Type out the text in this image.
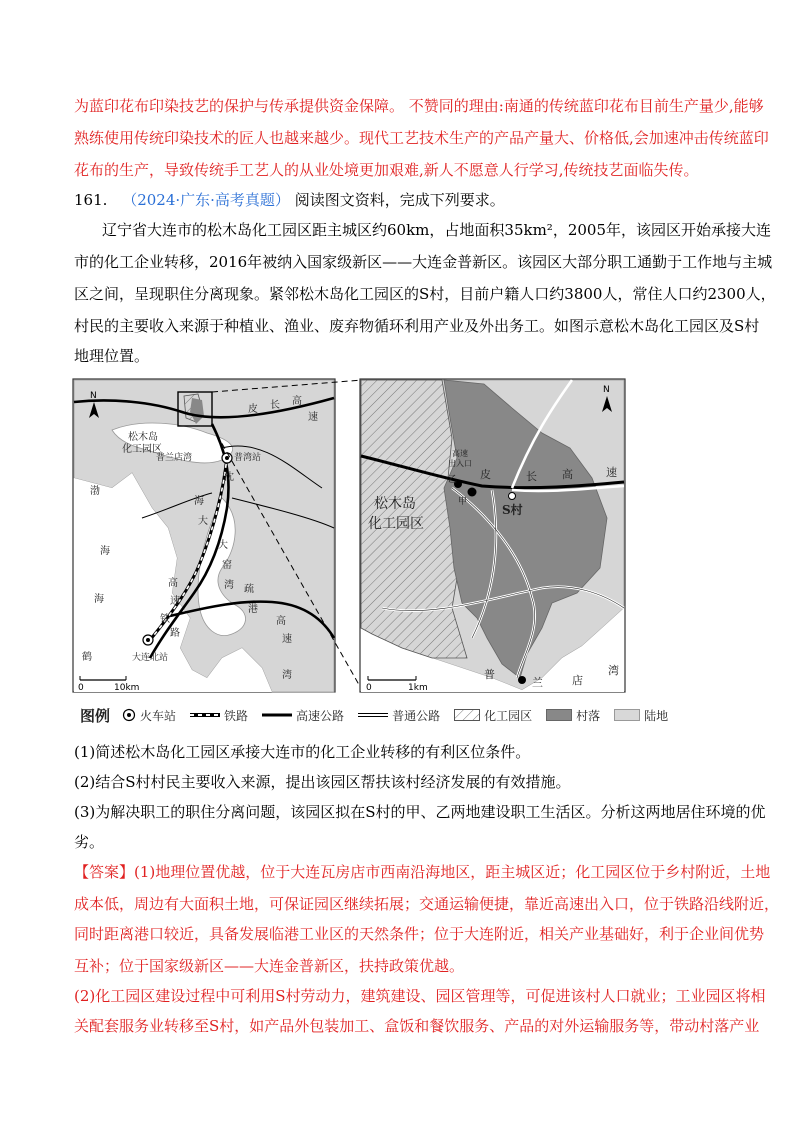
为蓝印花布印染技艺的保护与传承提供资金保障。 不赞同的理由:南通的传统蓝印花布目前生产量少,能够
熟练使用传统印染技术的匠人也越来越少。现代工艺技术生产的产品产量大、价格低,会加速冲击传统蓝印
花布的生产，导致传统手工艺人的从业处境更加艰难,新人不愿意人行学习,传统技艺面临失传。
161. （2024·广东·高考真题） 阅读图文资料，完成下列要求。
辽宁省大连市的松木岛化工园区距主城区约60km，占地面积35km²，2005年，该园区开始承接大连
市的化工企业转移，2016年被纳入国家级新区——大连金普新区。该园区大部分职工通勤于工作地与主城
区之间，呈现职住分离现象。紧邻松木岛化工园区的S村，目前户籍人口约3800人，常住人口约2300人，
村民的主要收入来源于种植业、渔业、废弃物循环利用产业及外出务工。如图示意松木岛化工园区及S村
地理位置。
N
0	10km
松木岛
化工园区
普兰店湾	普湾站
皮 长 高
速
渤
海
海
大
窑
湾 疏
港
高
速
沈
海
大
高
速
铁
路
大连北站
湾
鹤
N
0	1km
松木岛
化工园区
高速
出入口
乙
甲
S村
皮	长 高	速
普
兰	店
湾
图例	火车站	铁路	高速公路	普通公路	化工园区	村落	陆地
(1)简述松木岛化工园区承接大连市的化工企业转移的有利区位条件。
(2)结合S村村民主要收入来源，提出该园区帮扶该村经济发展的有效措施。
(3)为解决职工的职住分离问题，该园区拟在S村的甲、乙两地建设职工生活区。分析这两地居住环境的优
劣。
【答案】(1)地理位置优越，位于大连瓦房店市西南沿海地区，距主城区近；化工园区位于乡村附近，土地
成本低，周边有大面积土地，可保证园区继续拓展；交通运输便捷，靠近高速出入口，位于铁路沿线附近，
同时距离港口较近，具备发展临港工业区的天然条件；位于大连附近，相关产业基础好，利于企业间优势
互补；位于国家级新区——大连金普新区，扶持政策优越。
(2)化工园区建设过程中可利用S村劳动力，建筑建设、园区管理等，可促进该村人口就业；工业园区将相
关配套服务业转移至S村，如产品外包装加工、盒饭和餐饮服务、产品的对外运输服务等，带动村落产业
